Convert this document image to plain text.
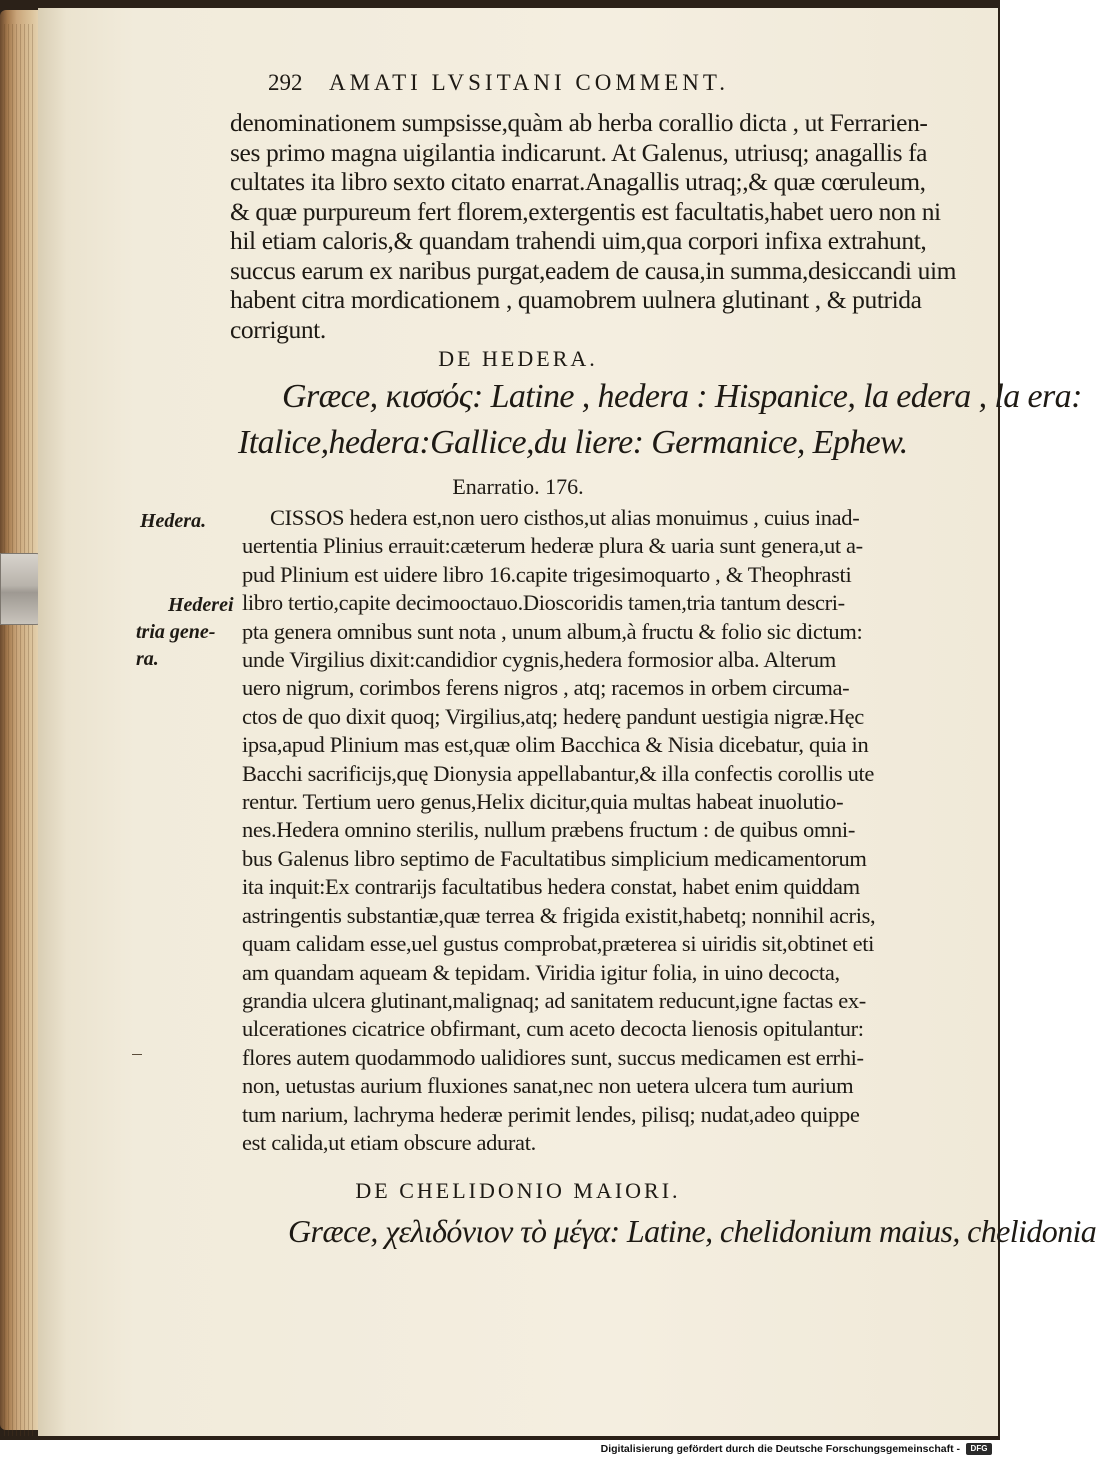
292 AMATI LVSITANI COMMENT.
denominationem sumpsisse,quàm ab herba corallio dicta , ut Ferrarien-
ses primo magna uigilantia indicarunt. At Galenus, utriusq; anagallis fa
cultates ita libro sexto citato enarrat.Anagallis utraq;,& quæ cœruleum,
& quæ purpureum fert florem,extergentis est facultatis,habet uero non ni
hil etiam caloris,& quandam trahendi uim,qua corpori infixa extrahunt,
succus earum ex naribus purgat,eadem de causa,in summa,desiccandi uim
habent citra mordicationem , quamobrem uulnera glutinant , & putrida
corrigunt.
DE HEDERA.
Græce, κισσός: Latine , hedera : Hispanice, la edera , la era:
Italice,hedera:Gallice,du liere: Germanice, Ephew.
Enarratio. 176.
Hedera.
Hederei
tria gene-
ra.
CISSOS hedera est,non uero cisthos,ut alias monuimus , cuius inad-
uertentia Plinius errauit:cæterum hederæ plura & uaria sunt genera,ut a-
pud Plinium est uidere libro 16.capite trigesimoquarto , & Theophrasti
libro tertio,capite decimooctauo.Dioscoridis tamen,tria tantum descri-
pta genera omnibus sunt nota , unum album,à fructu & folio sic dictum:
unde Virgilius dixit:candidior cygnis,hedera formosior alba. Alterum
uero nigrum, corimbos ferens nigros , atq; racemos in orbem circuma-
ctos de quo dixit quoq; Virgilius,atq; hederę pandunt uestigia nigræ.Hęc
ipsa,apud Plinium mas est,quæ olim Bacchica & Nisia dicebatur, quia in
Bacchi sacrificijs,quę Dionysia appellabantur,& illa confectis corollis ute
rentur. Tertium uero genus,Helix dicitur,quia multas habeat inuolutio-
nes.Hedera omnino sterilis, nullum præbens fructum : de quibus omni-
bus Galenus libro septimo de Facultatibus simplicium medicamentorum
ita inquit:Ex contrarijs facultatibus hedera constat, habet enim quiddam
astringentis substantiæ,quæ terrea & frigida existit,habetq; nonnihil acris,
quam calidam esse,uel gustus comprobat,præterea si uiridis sit,obtinet eti
am quandam aqueam & tepidam. Viridia igitur folia, in uino decocta,
grandia ulcera glutinant,malignaq; ad sanitatem reducunt,igne factas ex-
ulcerationes cicatrice obfirmant, cum aceto decocta lienosis opitulantur:
flores autem quodammodo ualidiores sunt, succus medicamen est errhi-
non, uetustas aurium fluxiones sanat,nec non uetera ulcera tum aurium
tum narium, lachryma hederæ perimit lendes, pilisq; nudat,adeo quippe
est calida,ut etiam obscure adurat.
DE CHELIDONIO MAIORI.
Græce, χελιδόνιον τὸ μέγα: Latine, chelidonium maius, chelidonia
Digitalisierung gefördert durch die Deutsche Forschungsgemeinschaft -	DFG
